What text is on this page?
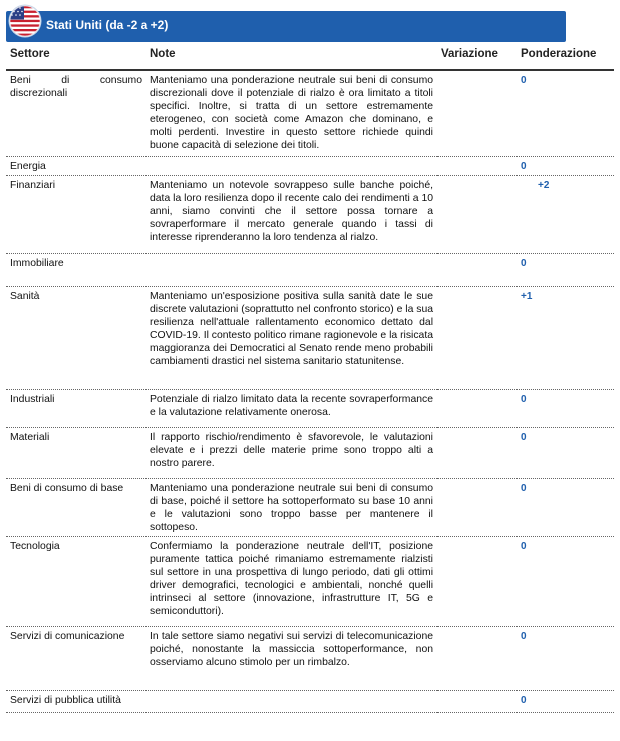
Stati Uniti (da -2 a +2)
Settore	Note	Variazione	Ponderazione
Beni di consumo discrezionali	Manteniamo una ponderazione neutrale sui beni di consumo discrezionali dove il potenziale di rialzo è ora limitato a titoli specifici. Inoltre, si tratta di un settore estremamente eterogeneo, con società come Amazon che dominano, e molti perdenti. Investire in questo settore richiede quindi buone capacità di selezione dei titoli.		0
Energia			0
Finanziari	Manteniamo un notevole sovrappeso sulle banche poiché, data la loro resilienza dopo il recente calo dei rendimenti a 10 anni, siamo convinti che il settore possa tornare a sovraperformare il mercato generale quando i tassi di interesse riprenderanno la loro tendenza al rialzo.		+2
Immobiliare			0
Sanità	Manteniamo un'esposizione positiva sulla sanità date le sue discrete valutazioni (soprattutto nel confronto storico) e la sua resilienza nell'attuale rallentamento economico dettato dal COVID-19. Il contesto politico rimane ragionevole e la risicata maggioranza dei Democratici al Senato rende meno probabili cambiamenti drastici nel sistema sanitario statunitense.		+1
Industriali	Potenziale di rialzo limitato data la recente sovraperformance e la valutazione relativamente onerosa.		0
Materiali	Il rapporto rischio/rendimento è sfavorevole, le valutazioni elevate e i prezzi delle materie prime sono troppo alti a nostro parere.		0
Beni di consumo di base	Manteniamo una ponderazione neutrale sui beni di consumo di base, poiché il settore ha sottoperformato su base 10 anni e le valutazioni sono troppo basse per mantenere il sottopeso.		0
Tecnologia	Confermiamo la ponderazione neutrale dell'IT, posizione puramente tattica poiché rimaniamo estremamente rialzisti sul settore in una prospettiva di lungo periodo, dati gli ottimi driver demografici, tecnologici e ambientali, nonché quelli intrinseci al settore (innovazione, infrastrutture IT, 5G e semiconduttori).		0
Servizi di comunicazione	In tale settore siamo negativi sui servizi di telecomunicazione poiché, nonostante la massiccia sottoperformance, non osserviamo alcuno stimolo per un rimbalzo.		0
Servizi di pubblica utilità			0
